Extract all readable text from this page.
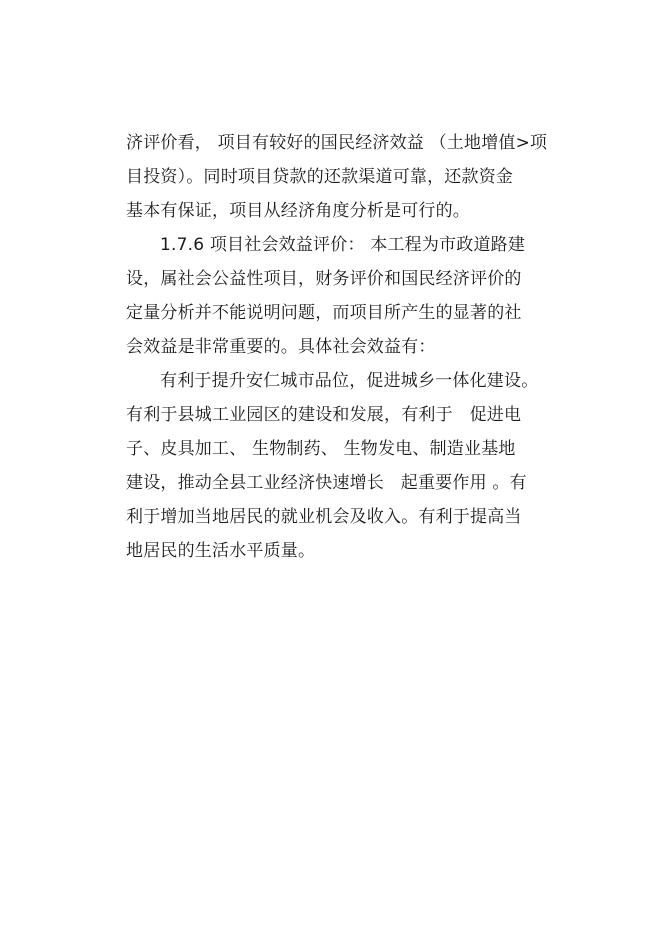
济评价看， 项目有较好的国民经济效益 （土地增值>项
目投资）。同时项目贷款的还款渠道可靠，还款资金
基本有保证，项目从经济角度分析是可行的。
1.7.6 项目社会效益评价： 本工程为市政道路建
设，属社会公益性项目，财务评价和国民经济评价的
定量分析并不能说明问题，而项目所产生的显著的社
会效益是非常重要的。具体社会效益有：
有利于提升安仁城市品位，促进城乡一体化建设。
有利于县城工业园区的建设和发展，有利于   促进电
子、皮具加工、 生物制药、 生物发电、制造业基地
建设，推动全县工业经济快速增长   起重要作用 。有
利于增加当地居民的就业机会及收入。有利于提高当
地居民的生活水平质量。
